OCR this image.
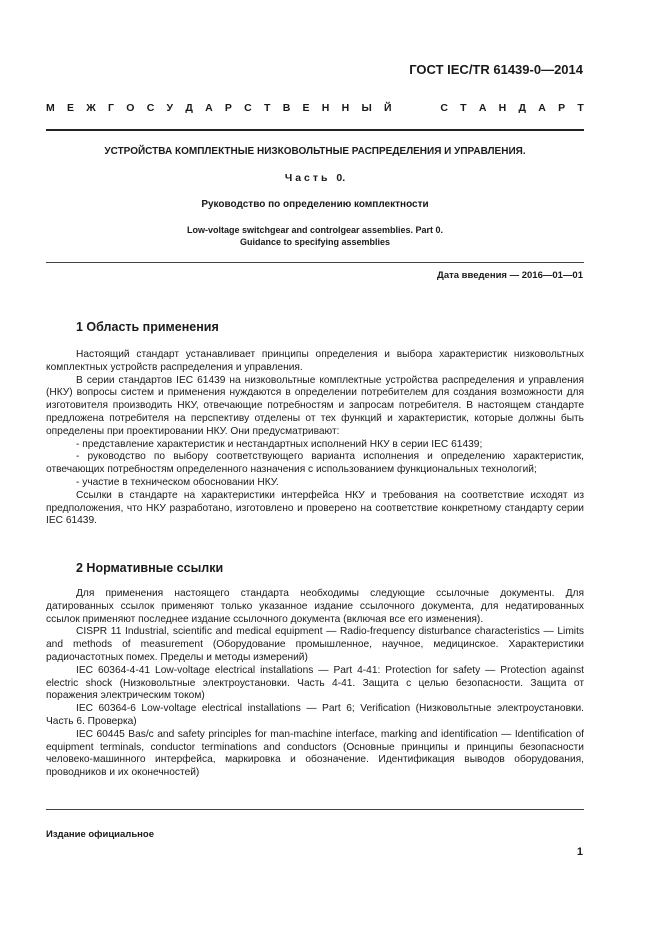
ГОСТ IEC/TR 61439-0—2014
М Е Ж Г О С У Д А Р С Т В Е Н Н Ы Й	С Т А Н Д А Р Т
УСТРОЙСТВА КОМПЛЕКТНЫЕ НИЗКОВОЛЬТНЫЕ РАСПРЕДЕЛЕНИЯ И УПРАВЛЕНИЯ.
Часть 0.
Руководство по определению комплектности
Low-voltage switchgear and controlgear assemblies. Part 0.
Guidance to specifying assemblies
Дата введения — 2016—01—01
1 Область применения

Настоящий стандарт устанавливает принципы определения и выбора характеристик низковольтных комплектных устройств распределения и управления.

В серии стандартов IEC 61439 на низковольтные комплектные устройства распределения и управления (НКУ) вопросы систем и применения нуждаются в определении потребителем для создания возможности для изготовителя производить НКУ, отвечающие потребностям и запросам потребителя. В настоящем стандарте предложена потребителя на перспективу отделены от тех функций и характеристик, которые должны быть определены при проектировании НКУ. Они предусматривают:

- представление характеристик и нестандартных исполнений НКУ в серии IEC 61439;

- руководство по выбору соответствующего варианта исполнения и определению характеристик, отвечающих потребностям определенного назначения с использованием функциональных технологий;

- участие в техническом обосновании НКУ.

Ссылки в стандарте на характеристики интерфейса НКУ и требования на соответствие исходят из предположения, что НКУ разработано, изготовлено и проверено на соответствие конкретному стандарту серии IEC 61439.

2 Нормативные ссылки

Для применения настоящего стандарта необходимы следующие ссылочные документы. Для датированных ссылок применяют только указанное издание ссылочного документа, для недатированных ссылок применяют последнее издание ссылочного документа (включая все его изменения).

CISPR 11 Industrial, scientific and medical equipment — Radio-frequency disturbance characteristics — Limits and methods of measurement (Оборудование промышленное, научное, медицинское. Характеристики радиочастотных помех. Пределы и методы измерений)

IEC 60364-4-41 Low-voltage electrical installations — Part 4-41: Protection for safety — Protection against electric shock (Низковольтные электроустановки. Часть 4-41. Защита с целью безопасности. Защита от поражения электрическим током)

IEC 60364-6 Low-voltage electrical installations — Part 6; Verification (Низковольтные электроустановки. Часть 6. Проверка)

IEC 60445 Bas/c and safety principles for man-machine interface, marking and identification — Identification of equipment terminals, conductor terminations and conductors (Основные принципы и принципы безопасности человеко-машинного интерфейса, маркировка и обозначение. Идентификация выводов оборудования, проводников и их оконечностей)

Издание официальное
1
